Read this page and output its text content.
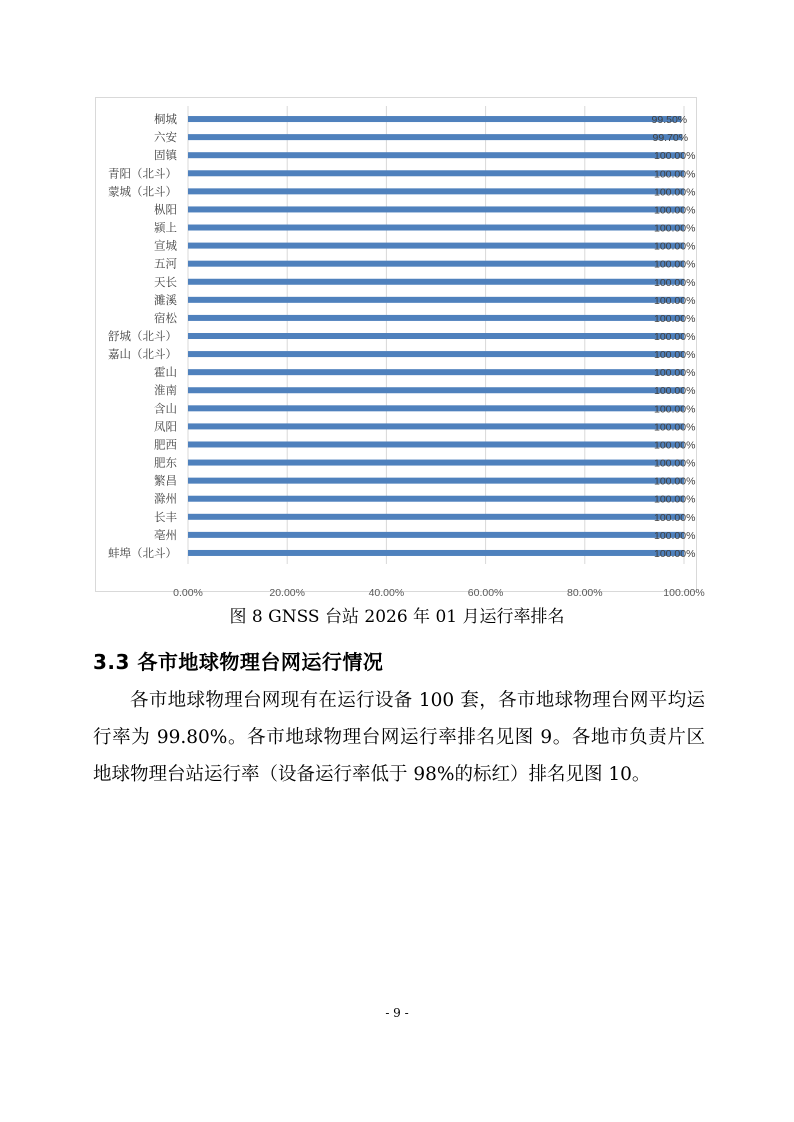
桐城	99.50%
六安	99.70%
固镇	100.00%
青阳（北斗）	100.00%
蒙城（北斗）	100.00%
枞阳	100.00%
颍上	100.00%
宣城	100.00%
五河	100.00%
天长	100.00%
濉溪	100.00%
宿松	100.00%
舒城（北斗）	100.00%
嘉山（北斗）	100.00%
霍山	100.00%
淮南	100.00%
含山	100.00%
凤阳	100.00%
肥西	100.00%
肥东	100.00%
繁昌	100.00%
滁州	100.00%
长丰	100.00%
亳州	100.00%
蚌埠（北斗）	100.00%
0.00%	20.00%	40.00%	60.00%	80.00%	100.00%
图 8 GNSS 台站 2026 年 01 月运行率排名
3.3 各市地球物理台网运行情况

各市地球物理台网现有在运行设备 100 套，各市地球物理台网平均运行率为 99.80%。各市地球物理台网运行率排名见图 9。各地市负责片区地球物理台站运行率（设备运行率低于 98%的标红）排名见图 10。

- 9 -
